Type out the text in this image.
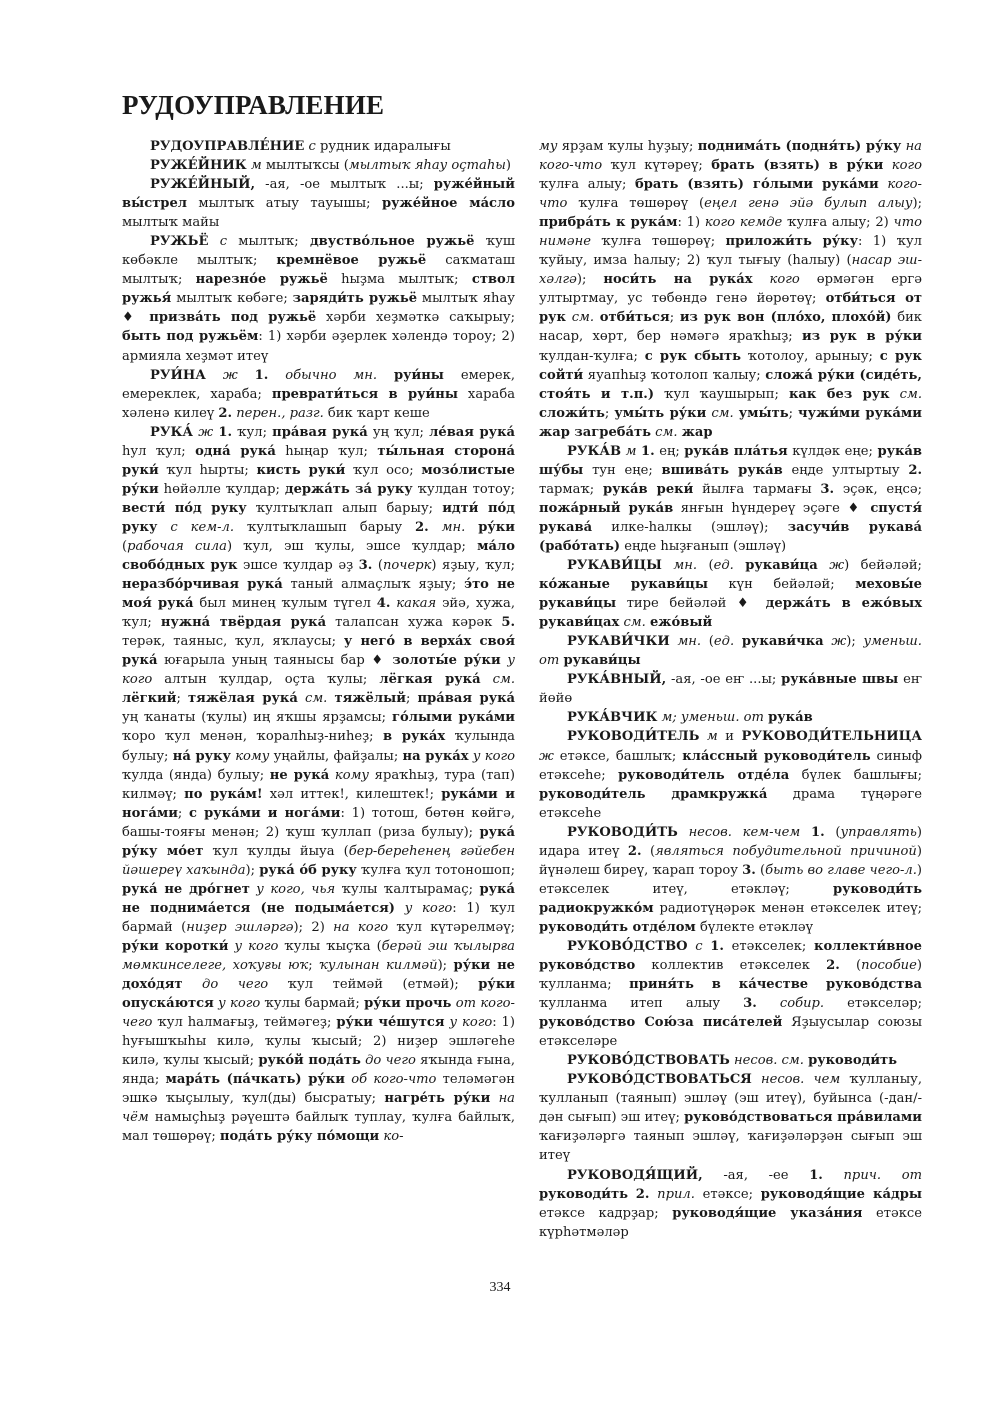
РУДОУПРАВЛЕНИЕ

РУДОУПРАВЛЕ́НИЕ с рудник идаралығы

РУЖЕ́ЙНИК м мылтыҡсы (мылтыҡ яһау оҫтаһы)

РУЖЕ́ЙНЫЙ, -ая, -ое мылтыҡ ...ы; руже́йный вы́стрел мылтыҡ атыу тауышы; руже́йное ма́сло мылтыҡ майы

РУЖЬЁ с мылтыҡ; двуство́льное ружьё ҡуш көбәкле мылтыҡ; кремнёвое ружьё саҡматаш мылтыҡ; нарезно́е ружьё һыҙма мылтыҡ; ствол ружья́ мылтыҡ көбәге; заряди́ть ружьё мылтыҡ яһау ♦ призва́ть под ружьё хәрби хеҙмәткә саҡырыу; быть под ружьём: 1) хәрби әҙерлек хәлендә тороу; 2) армияла хеҙмәт итеү

РУИ́НА ж 1. обычно мн. руи́ны емерек, емереклек, хараба; преврати́ться в руи́ны хараба хәленә килеү 2. перен., разг. бик ҡарт кеше

РУКА́ ж 1. ҡул; пра́вая рука́ уң ҡул; ле́вая рука́ һул ҡул; одна́ рука́ һыңар ҡул; ты́льная сторона́ руки́ ҡул һырты; кисть руки́ ҡул осо; мозо́листые ру́ки һөйәлле ҡулдар; держа́ть за́ руку ҡулдан тотоу; вести́ по́д руку ҡултыҡлап алып барыу; идти́ по́д руку с кем-л. ҡултыҡлашып барыу 2. мн. ру́ки (рабочая сила) ҡул, эш ҡулы, эшсе ҡулдар; ма́ло свобо́дных рук эшсе ҡулдар әҙ 3. (почерк) яҙыу, ҡул; неразбо́рчивая рука́ таный алмаҫлыҡ яҙыу; э́то не моя́ рука́ был минең ҡулым түгел 4. какая эйә, хужа, ҡул; нужна́ твёрдая рука́ талапсан хужа кәрәк 5. терәк, таяныс, ҡул, яҡлаусы; у него́ в верха́х своя́ рука́ юғарыла уның таянысы бар ♦ золоты́е ру́ки у кого алтын ҡулдар, оҫта ҡулы; лёгкая рука́ см. лёгкий; тяжёлая рука́ см. тяжёлый; пра́вая рука́ уң ҡанаты (ҡулы) иң яҡшы ярҙамсы; го́лыми рука́ми ҡоро ҡул менән, ҡоралһыҙ-ниһеҙ; в рука́х ҡулында булыу; на́ руку кому уңайлы, файҙалы; на рука́х у кого ҡулда (янда) булыу; не рука́ кому яраҡһыҙ, тура (тап) килмәү; по рука́м! хәл иттек!, килештек!; рука́ми и нога́ми; с рука́ми и нога́ми: 1) тотош, бөтөн көйгә, башы-тояғы менән; 2) ҡуш ҡуллап (риза булыу); рука́ ру́ку мо́ет ҡул ҡулды йыуа (бер-береһенең ғәйебен йәшереү хаҡында); рука́ о́б руку ҡулға ҡул тотоношоп; рука́ не дро́гнет у кого, чья ҡулы ҡалтырамаҫ; рука́ не поднима́ется (не подыма́ется) у кого: 1) ҡул бармай (ниҙер эшләргә); 2) на кого ҡул күтәрелмәү; ру́ки коротки́ у кого ҡулы ҡыҫҡа (берәй эш ҡылырға мөмкинселеге, хоҡуғы юҡ; ҡулынан килмәй); ру́ки не дохо́дят до чего ҡул теймәй (етмәй); ру́ки опуска́ются у кого ҡулы бармай; ру́ки прочь от кого-чего ҡул һалмағыҙ, теймәгеҙ; ру́ки че́шутся у кого: 1) һуғышҡыһы килә, ҡулы ҡысый; 2) ниҙер эшләгеһе килә, ҡулы ҡысый; руко́й пода́ть до чего яҡында ғына, янда; мара́ть (па́чкать) ру́ки об кого-что теләмәгән эшкә ҡыҫылыу, ҡул(ды) бысратыу; нагре́ть ру́ки на чём намыҫһыҙ рәүештә байлыҡ туплау, ҡулға байлыҡ, мал төшөрөү; пода́ть ру́ку по́мощи ко-

му ярҙам ҡулы һуҙыу; поднима́ть (подня́ть) ру́ку на кого-что ҡул күтәреү; брать (взять) в ру́ки кого ҡулға алыу; брать (взять) го́лыми рука́ми кого-что ҡулға төшөрөү (еңел генә эйә булып алыу); прибра́ть к рука́м: 1) кого кемде ҡулға алыу; 2) что нимәне ҡулға төшөрөү; приложи́ть ру́ку: 1) ҡул ҡуйыу, имза һалыу; 2) ҡул тығыу (һалыу) (насар эш-хәлгә); носи́ть на рука́х кого өрмәгән ергә ултыртмау, ус төбөндә генә йөрөтөү; отби́ться от рук см. отби́ться; из рук вон (пло́хо, плохо́й) бик насар, хөрт, бер нәмәгә яраҡһыҙ; из рук в ру́ки ҡулдан-ҡулға; с рук сбыть ҡотолоу, арыныу; с рук сойти́ яуапһыҙ ҡотолоп ҡалыу; сложа́ ру́ки (сиде́ть, стоя́ть и т.п.) ҡул ҡаушырып; как без рук см. сложи́ть; умы́ть ру́ки см. умы́ть; чужи́ми рука́ми жар загреба́ть см. жар

РУКА́В м 1. ең; рука́в пла́тья күлдәк еңе; рука́в шу́бы тун еңе; вшива́ть рука́в еңде ултыртыу 2. тармаҡ; рука́в реки́ йылға тармағы 3. эҫәк, еңсә; пожа́рный рука́в янғын һүндереү эҫәге ♦ спустя́ рукава́ илке-һалкы (эшләү); засучи́в рукава́ (рабо́тать) еңде һыҙғанып (эшләү)

РУКАВИ́ЦЫ мн. (ед. рукави́ца ж) бейәләй; ко́жаные рукави́цы күн бейәләй; меховы́е рукави́цы тире бейәләй ♦ держа́ть в ежо́вых рукави́цах см. ежо́вый

РУКАВИ́ЧКИ мн. (ед. рукави́чка ж); уменьш. от рукави́цы

РУКА́ВНЫЙ, -ая, -ое еҥ ...ы; рука́вные швы еҥ йөйө

РУКА́ВЧИК м; уменьш. от рука́в

РУКОВОДИ́ТЕЛЬ м и РУКОВОДИ́ТЕЛЬНИЦА ж етәксе, башлыҡ; кла́ссный руководи́тель синыф етәксеһе; руководи́тель отде́ла бүлек башлығы; руководи́тель драмкружка́ драма түңәрәге етәксеһе

РУКОВОДИ́ТЬ несов. кем-чем 1. (управлять) идара итеү 2. (являться побудительной причиной) йүнәлеш биреү, ҡарап тороу 3. (быть во главе чего-л.) етәкселек итеү, етәкләү; руководи́ть радиокружко́м радиотүңәрәк менән етәкселек итеү; руководи́ть отде́лом бүлекте етәкләү

РУКОВО́ДСТВО с 1. етәкселек; коллекти́вное руково́дство коллектив етәкселек 2. (пособие) ҡулланма; приня́ть в ка́честве руково́дства ҡулланма итеп алыу 3. собир. етәкселәр; руково́дство Сою́за писа́телей Яҙыусылар союзы етәкселәре

РУКОВО́ДСТВОВАТЬ несов. см. руководи́ть

РУКОВО́ДСТВОВАТЬСЯ несов. чем ҡулланыу, ҡулланып (таянып) эшләү (эш итеү), буйынса (-дан/-дән сығып) эш итеү; руково́дствоваться пра́вилами ҡағиҙәләргә таянып эшләү, ҡағиҙәләрҙән сығып эш итеү

РУКОВОДЯ́ЩИЙ, -ая, -ее 1. прич. от руководи́ть 2. прил. етәксе; руководя́щие ка́дры етәксе кадрҙар; руководя́щие указа́ния етәксе күрһәтмәләр

334
